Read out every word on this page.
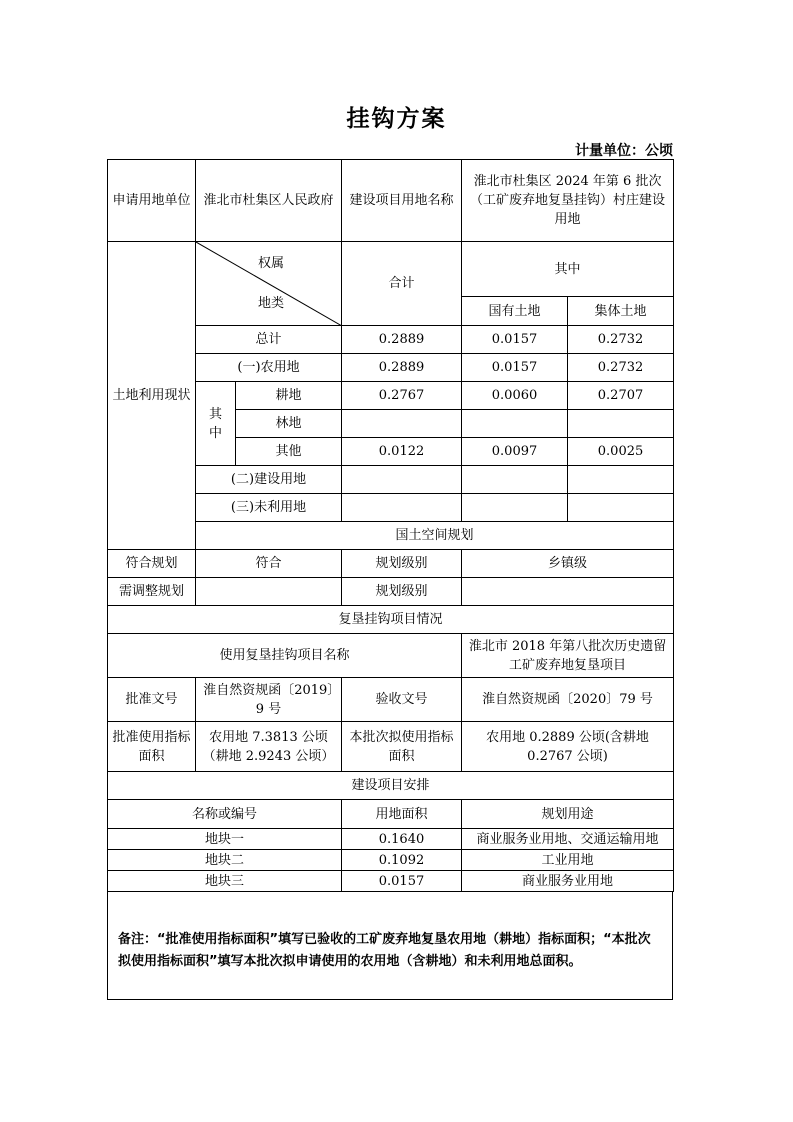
挂钩方案
计量单位：公顷
申请用地单位	淮北市杜集区人民政府		建设项目用地名称	淮北市杜集区 2024 年第 6 批次（工矿废弃地复垦挂钩）村庄建设用地	
土地利用现状	权属
地类		合计	其中	
				国有土地	集体土地
	总计		0.2889	0.0157	0.2732
	(一)农用地		0.2889	0.0157	0.2732
	其中	耕地	0.2767	0.0060	0.2707
		林地			
		其他	0.0122	0.0097	0.0025
	(二)建设用地				
	(三)未利用地				
	国土空间规划				
符合规划	符合		规划级别	乡镇级	
需调整规划			规划级别		
复垦挂钩项目情况					
使用复垦挂钩项目名称				淮北市 2018 年第八批次历史遗留工矿废弃地复垦项目	
批准文号	淮自然资规函〔2019〕9 号		验收文号	淮自然资规函〔2020〕79 号	
批准使用指标面积	农用地 7.3813 公顷（耕地 2.9243 公顷）		本批次拟使用指标面积	农用地 0.2889 公顷(含耕地 0.2767 公顷)	
建设项目安排					
名称或编号	用地面积	规划用途
地块一	0.1640	商业服务业用地、交通运输用地
地块二	0.1092	工业用地
地块三	0.0157	商业服务业用地

备注：“批准使用指标面积”填写已验收的工矿废弃地复垦农用地（耕地）指标面积；“本批次拟使用指标面积”填写本批次拟申请使用的农用地（含耕地）和未利用地总面积。
